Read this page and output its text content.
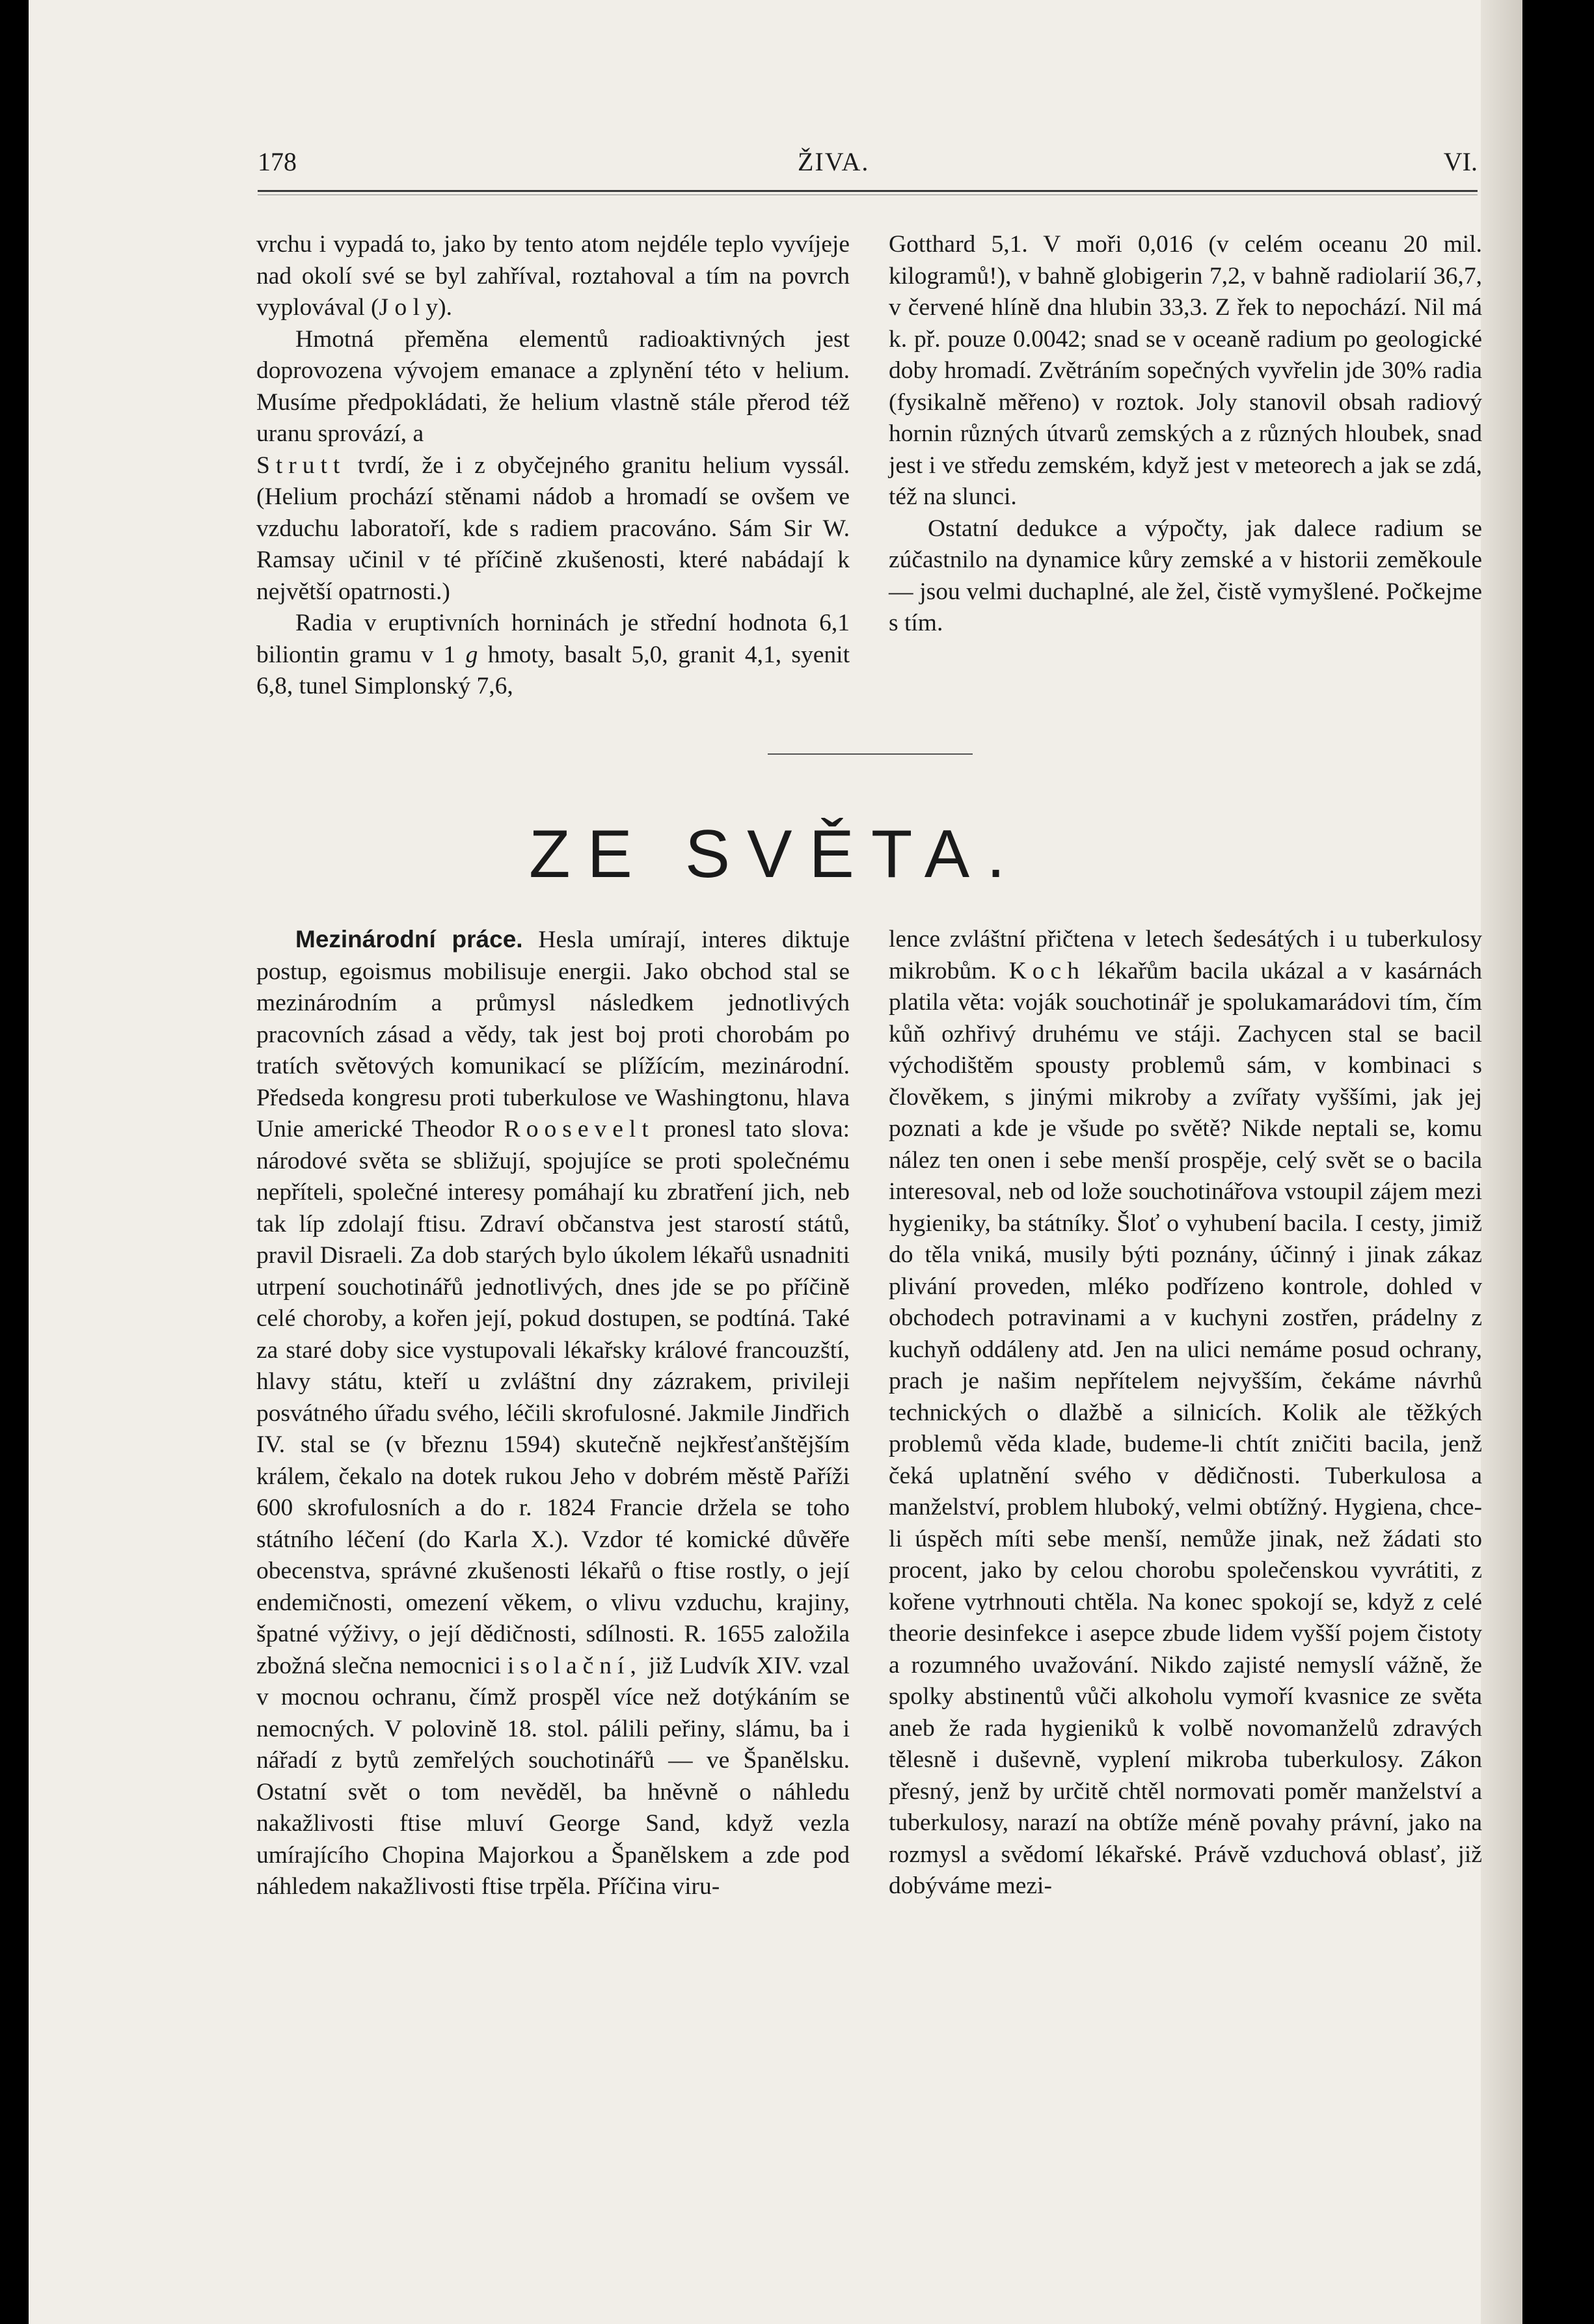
178	ŽIVA.	VI.

vrchu i vypadá to, jako by tento atom nejdéle teplo vyvíjeje nad okolí své se byl zahříval, roztahoval a tím na povrch vyplovával (J o l y).

Hmotná přeměna elementů radioaktivných jest doprovozena vývojem emanace a zplynění této v helium. Musíme předpokládati, že helium vlastně stále přerod též uranu sprovází, a

Strutt tvrdí, že i z obyčejného granitu helium vyssál. (Helium prochází stěnami nádob a hromadí se ovšem ve vzduchu laboratoří, kde s radiem pracováno. Sám Sir W. Ramsay učinil v té příčině zkušenosti, které nabádají k největší opatrnosti.)

Radia v eruptivních horninách je střední hodnota 6,1 biliontin gramu v 1 g hmoty, basalt 5,0, granit 4,1, syenit 6,8, tunel Simplonský 7,6,

Gotthard 5,1. V moři 0,016 (v celém oceanu 20 mil. kilogramů!), v bahně globigerin 7,2, v bahně radiolarií 36,7, v červené hlíně dna hlubin 33,3. Z řek to nepochází. Nil má k. př. pouze 0.0042; snad se v oceaně radium po geologické doby hromadí. Zvětráním sopečných vyvřelin jde 30% radia (fysikalně měřeno) v roztok. Joly stanovil obsah radiový hornin různých útvarů zemských a z různých hloubek, snad jest i ve středu zemském, když jest v meteorech a jak se zdá, též na slunci.

Ostatní dedukce a výpočty, jak dalece radium se zúčastnilo na dynamice kůry zemské a v historii zeměkoule — jsou velmi duchaplné, ale žel, čistě vymyšlené. Počkejme s tím.

ZE SVĚTA.

Mezinárodní práce. Hesla umírají, interes diktuje postup, egoismus mobilisuje energii. Jako obchod stal se mezinárodním a průmysl následkem jednotlivých pracovních zásad a vědy, tak jest boj proti chorobám po tratích světových komunikací se plížícím, mezinárodní. Předseda kongresu proti tuberkulose ve Washingtonu, hlava Unie americké Theodor Roosevelt pronesl tato slova: národové světa se sbližují, spojujíce se proti společnému nepříteli, společné interesy pomáhají ku zbratření jich, neb tak líp zdolají ftisu. Zdraví občanstva jest starostí států, pravil Disraeli. Za dob starých bylo úkolem lékařů usnadniti utrpení souchotinářů jednotlivých, dnes jde se po příčině celé choroby, a kořen její, pokud dostupen, se podtíná. Také za staré doby sice vystupovali lékařsky králové francouzští, hlavy státu, kteří u zvláštní dny zázrakem, privileji posvátného úřadu svého, léčili skrofulosné. Jakmile Jindřich IV. stal se (v březnu 1594) skutečně nejkřesťanštějším králem, čekalo na dotek rukou Jeho v dobrém městě Paříži 600 skrofulosních a do r. 1824 Francie držela se toho státního léčení (do Karla X.). Vzdor té komické důvěře obecenstva, správné zkušenosti lékařů o ftise rostly, o její endemičnosti, omezení věkem, o vlivu vzduchu, krajiny, špatné výživy, o její dědičnosti, sdílnosti. R. 1655 založila zbožná slečna nemocnici isolační, již Ludvík XIV. vzal v mocnou ochranu, čímž prospěl více než dotýkáním se nemocných. V polovině 18. stol. pálili peřiny, slámu, ba i nářadí z bytů zemřelých souchotinářů — ve Španělsku. Ostatní svět o tom nevěděl, ba hněvně o náhledu nakažlivosti ftise mluví George Sand, když vezla umírajícího Chopina Majorkou a Španělskem a zde pod náhledem nakažlivosti ftise trpěla. Příčina viru-

lence zvláštní přičtena v letech šedesátých i u tuberkulosy mikrobům. Koch lékařům bacila ukázal a v kasárnách platila věta: voják souchotinář je spolukamarádovi tím, čím kůň ozhřivý druhému ve stáji. Zachycen stal se bacil východištěm spousty problemů sám, v kombinaci s člověkem, s jinými mikroby a zvířaty vyššími, jak jej poznati a kde je všude po světě? Nikde neptali se, komu nález ten onen i sebe menší prospěje, celý svět se o bacila interesoval, neb od lože souchotinářova vstoupil zájem mezi hygieniky, ba státníky. Šloť o vyhubení bacila. I cesty, jimiž do těla vniká, musily býti poznány, účinný i jinak zákaz plivání proveden, mléko podřízeno kontrole, dohled v obchodech potravinami a v kuchyni zostřen, prádelny z kuchyň oddáleny atd. Jen na ulici nemáme posud ochrany, prach je našim nepřítelem nejvyšším, čekáme návrhů technických o dlažbě a silnicích. Kolik ale těžkých problemů věda klade, budeme-li chtít zničiti bacila, jenž čeká uplatnění svého v dědičnosti. Tuberkulosa a manželství, problem hluboký, velmi obtížný. Hygiena, chce-li úspěch míti sebe menší, nemůže jinak, než žádati sto procent, jako by celou chorobu společenskou vyvrátiti, z kořene vytrhnouti chtěla. Na konec spokojí se, když z celé theorie desinfekce i asepce zbude lidem vyšší pojem čistoty a rozumného uvažování. Nikdo zajisté nemyslí vážně, že spolky abstinentů vůči alkoholu vymoří kvasnice ze světa aneb že rada hygieniků k volbě novomanželů zdravých tělesně i duševně, vyplení mikroba tuberkulosy. Zákon přesný, jenž by určitě chtěl normovati poměr manželství a tuberkulosy, narazí na obtíže méně povahy právní, jako na rozmysl a svědomí lékařské. Právě vzduchová oblasť, již dobýváme mezi-
